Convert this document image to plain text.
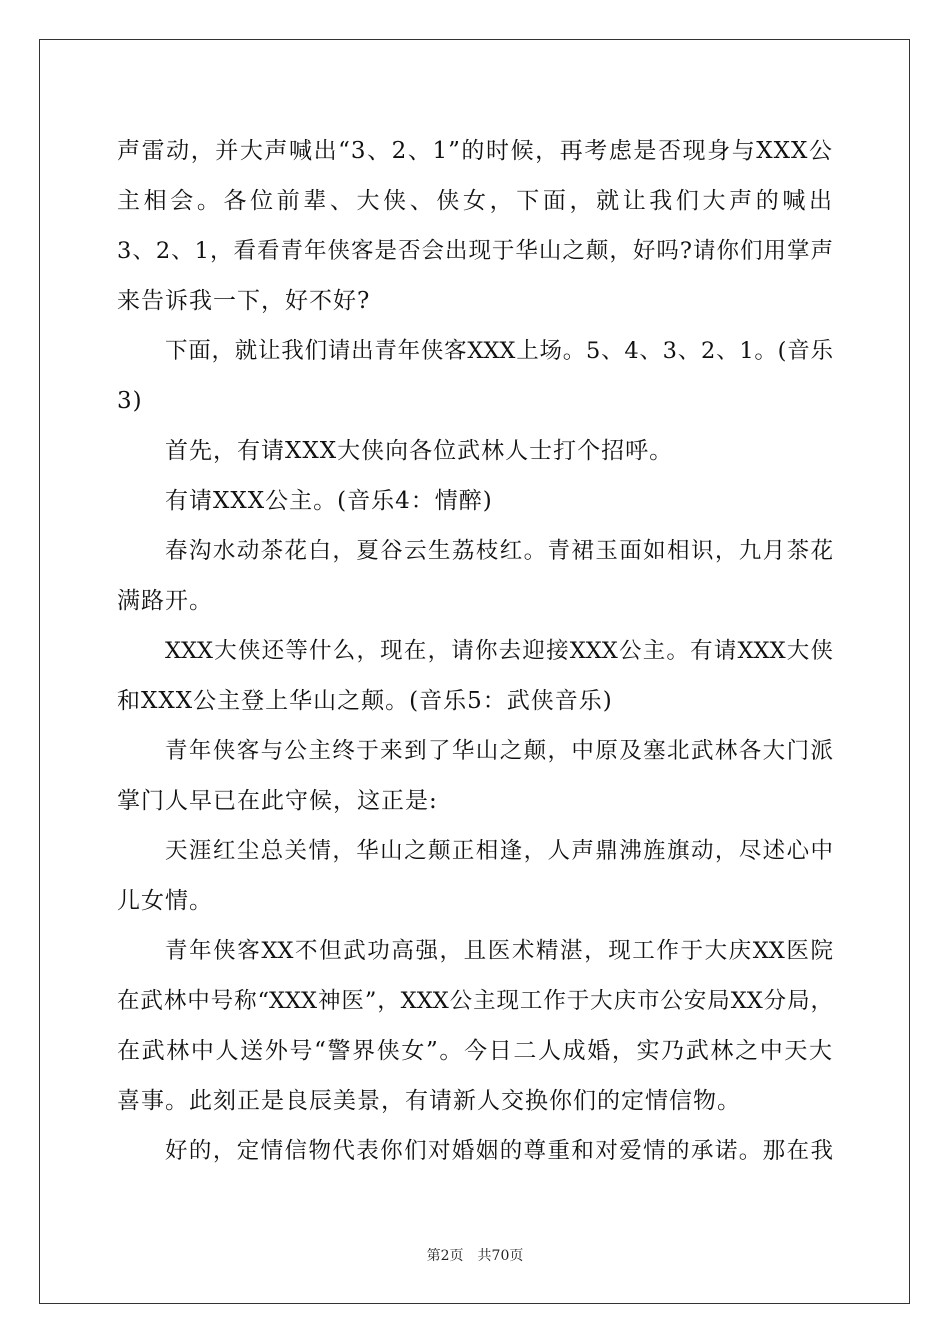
声雷动，并大声喊出“3、2、1”的时候，再考虑是否现身与XXX公
主相会。各位前辈、大侠、侠女，下面，就让我们大声的喊出
3、2、1，看看青年侠客是否会出现于华山之颠，好吗?请你们用掌声
来告诉我一下，好不好?
下面，就让我们请出青年侠客XXX上场。5、4、3、2、1。(音乐
3)
首先，有请XXX大侠向各位武林人士打个招呼。
有请XXX公主。(音乐4：情醉)
春沟水动茶花白，夏谷云生荔枝红。青裙玉面如相识，九月茶花
满路开。
XXX大侠还等什么，现在，请你去迎接XXX公主。有请XXX大侠
和XXX公主登上华山之颠。(音乐5：武侠音乐)
青年侠客与公主终于来到了华山之颠，中原及塞北武林各大门派
掌门人早已在此守候，这正是:
天涯红尘总关情，华山之颠正相逢，人声鼎沸旌旗动，尽述心中
儿女情。
青年侠客XX不但武功高强，且医术精湛，现工作于大庆XX医院
在武林中号称“XXX神医”，XXX公主现工作于大庆市公安局XX分局，
在武林中人送外号“警界侠女”。今日二人成婚，实乃武林之中天大
喜事。此刻正是良辰美景，有请新人交换你们的定情信物。
好的，定情信物代表你们对婚姻的尊重和对爱情的承诺。那在我
第2页　共70页
